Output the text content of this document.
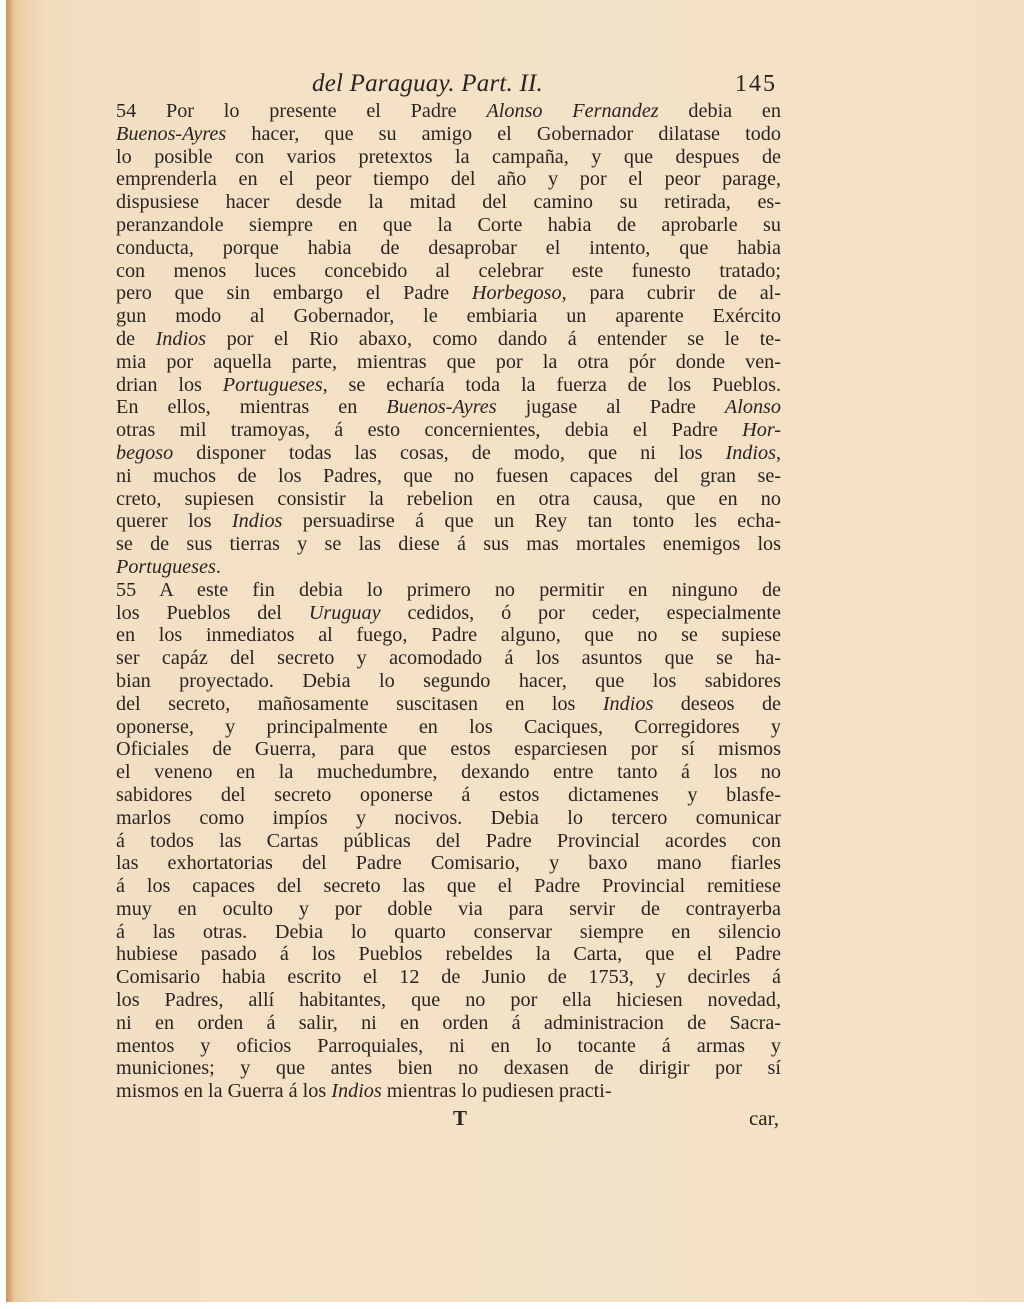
del Paraguay. Part. II.	145

54 Por lo presente el Padre Alonso Fernandez debia en
Buenos-Ayres hacer, que su amigo el Gobernador dilatase todo
lo posible con varios pretextos la campaña, y que despues de
emprenderla en el peor tiempo del año y por el peor parage,
dispusiese hacer desde la mitad del camino su retirada, es-
peranzandole siempre en que la Corte habia de aprobarle su
conducta, porque habia de desaprobar el intento, que habia
con menos luces concebido al celebrar este funesto tratado;
pero que sin embargo el Padre Horbegoso, para cubrir de al-
gun modo al Gobernador, le embiaria un aparente Exército
de Indios por el Rio abaxo, como dando á entender se le te-
mia por aquella parte, mientras que por la otra pór donde ven-
drian los Portugueses, se echaría toda la fuerza de los Pueblos.
En ellos, mientras en Buenos-Ayres jugase al Padre Alonso
otras mil tramoyas, á esto concernientes, debia el Padre Hor-
begoso disponer todas las cosas, de modo, que ni los Indios,
ni muchos de los Padres, que no fuesen capaces del gran se-
creto, supiesen consistir la rebelion en otra causa, que en no
querer los Indios persuadirse á que un Rey tan tonto les echa-
se de sus tierras y se las diese á sus mas mortales enemigos los
Portugueses.

55 A este fin debia lo primero no permitir en ninguno de
los Pueblos del Uruguay cedidos, ó por ceder, especialmente
en los inmediatos al fuego, Padre alguno, que no se supiese
ser capáz del secreto y acomodado á los asuntos que se ha-
bian proyectado. Debia lo segundo hacer, que los sabidores
del secreto, mañosamente suscitasen en los Indios deseos de
oponerse, y principalmente en los Caciques, Corregidores y
Oficiales de Guerra, para que estos esparciesen por sí mismos
el veneno en la muchedumbre, dexando entre tanto á los no
sabidores del secreto oponerse á estos dictamenes y blasfe-
marlos como impíos y nocivos. Debia lo tercero comunicar
á todos las Cartas públicas del Padre Provincial acordes con
las exhortatorias del Padre Comisario, y baxo mano fiarles
á los capaces del secreto las que el Padre Provincial remitiese
muy en oculto y por doble via para servir de contrayerba
á las otras. Debia lo quarto conservar siempre en silencio
hubiese pasado á los Pueblos rebeldes la Carta, que el Padre
Comisario habia escrito el 12 de Junio de 1753, y decirles á
los Padres, allí habitantes, que no por ella hiciesen novedad,
ni en orden á salir, ni en orden á administracion de Sacra-
mentos y oficios Parroquiales, ni en lo tocante á armas y
municiones; y que antes bien no dexasen de dirigir por sí
mismos en la Guerra á los Indios mientras lo pudiesen practi-

T	car,
